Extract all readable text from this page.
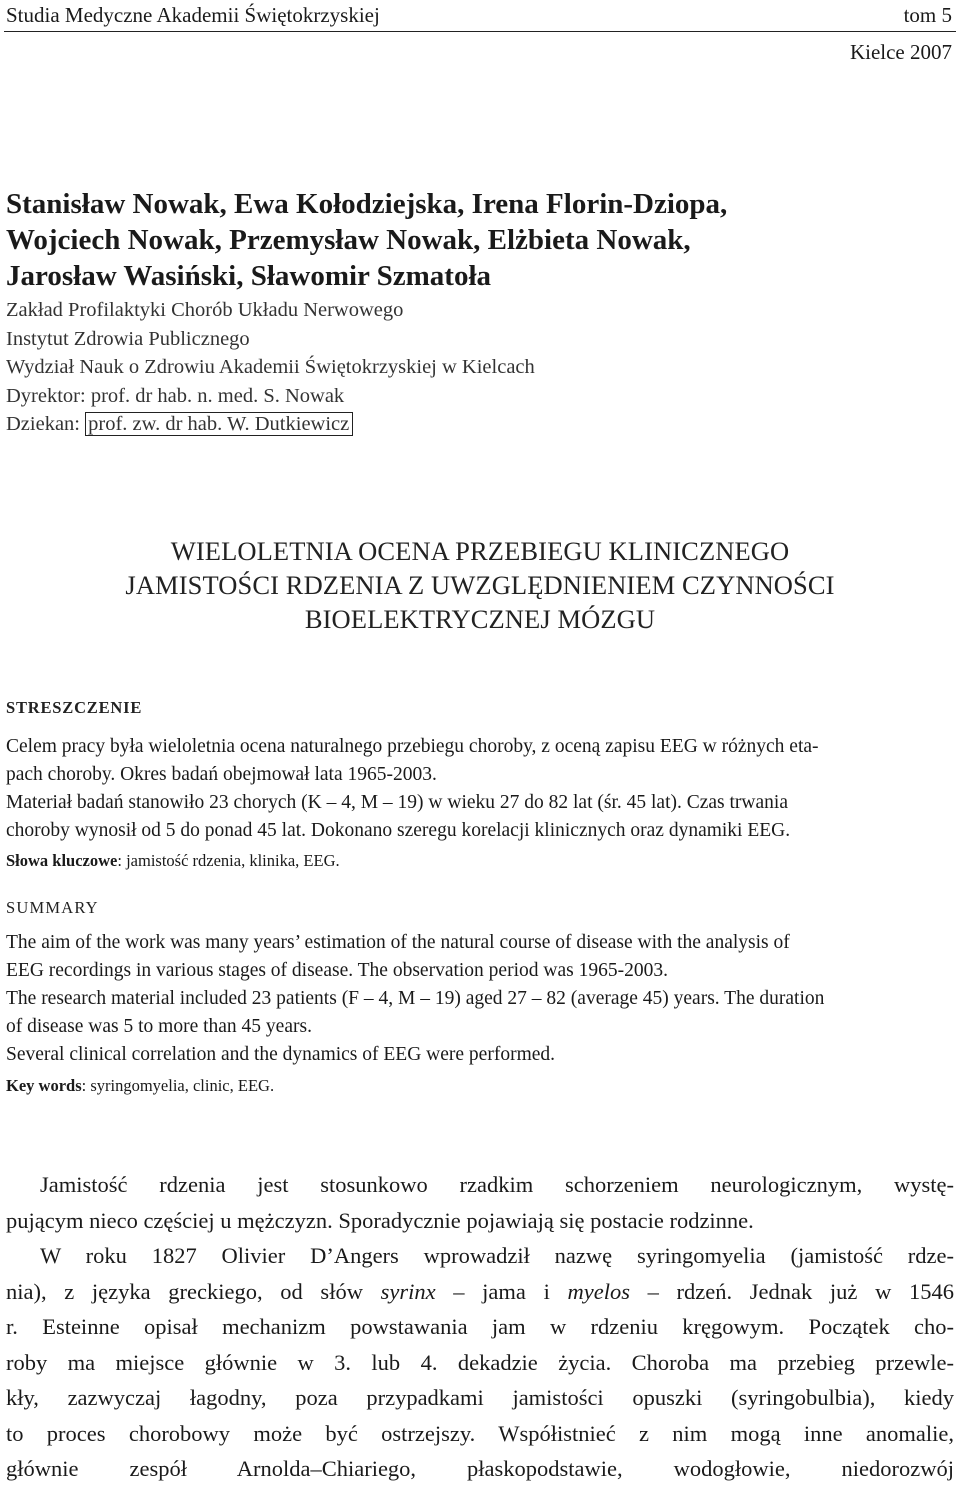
Studia Medyczne Akademii Świętokrzyskiej	tom 5
Kielce 2007
Stanisław Nowak, Ewa Kołodziejska, Irena Florin-Dziopa,
Wojciech Nowak, Przemysław Nowak, Elżbieta Nowak,
Jarosław Wasiński, Sławomir Szmatoła
Zakład Profilaktyki Chorób Układu Nerwowego
Instytut Zdrowia Publicznego
Wydział Nauk o Zdrowiu Akademii Świętokrzyskiej w Kielcach
Dyrektor: prof. dr hab. n. med. S. Nowak
Dziekan: prof. zw. dr hab. W. Dutkiewicz
WIELOLETNIA OCENA PRZEBIEGU KLINICZNEGO
JAMISTOŚCI RDZENIA Z UWZGLĘDNIENIEM CZYNNOŚCI
BIOELEKTRYCZNEJ MÓZGU
STRESZCZENIE
Celem pracy była wieloletnia ocena naturalnego przebiegu choroby, z oceną zapisu EEG w różnych eta-
pach choroby. Okres badań obejmował lata 1965-2003.
Materiał badań stanowiło 23 chorych (K – 4, M – 19) w wieku 27 do 82 lat (śr. 45 lat). Czas trwania
choroby wynosił od 5 do ponad 45 lat. Dokonano szeregu korelacji klinicznych oraz dynamiki EEG.
Słowa kluczowe: jamistość rdzenia, klinika, EEG.
SUMMARY
The aim of the work was many years’ estimation of the natural course of disease with the analysis of
EEG recordings in various stages of disease. The observation period was 1965-2003.
The research material included 23 patients (F – 4, M – 19) aged 27 – 82 (average 45) years. The duration
of disease was 5 to more than 45 years.
Several clinical correlation and the dynamics of EEG were performed.
Key words: syringomyelia, clinic, EEG.
Jamistość rdzenia jest stosunkowo rzadkim schorzeniem neurologicznym, wystę-
pującym nieco częściej u mężczyzn. Sporadycznie pojawiają się postacie rodzinne.
W roku 1827 Olivier D’Angers wprowadził nazwę syringomyelia (jamistość rdze-
nia), z języka greckiego, od słów syrinx – jama i myelos – rdzeń. Jednak już w 1546
r. Esteinne opisał mechanizm powstawania jam w rdzeniu kręgowym. Początek cho-
roby ma miejsce głównie w 3. lub 4. dekadzie życia. Choroba ma przebieg przewle-
kły, zazwyczaj łagodny, poza przypadkami jamistości opuszki (syringobulbia), kiedy
to proces chorobowy może być ostrzejszy. Współistnieć z nim mogą inne anomalie,
głównie zespół Arnolda–Chiariego, płaskopodstawie, wodogłowie, niedorozwój
